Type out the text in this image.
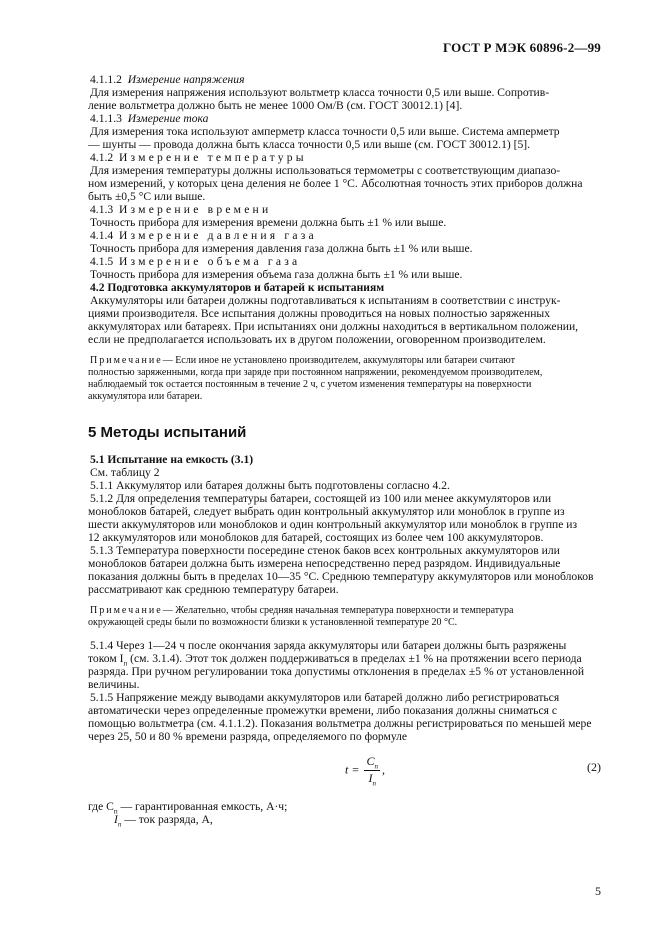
ГОСТ Р МЭК 60896-2—99
4.1.1.2 Измерение напряжения
Для измерения напряжения используют вольтметр класса точности 0,5 или выше. Сопротив-
ление вольтметра должно быть не менее 1000 Ом/В (см. ГОСТ 30012.1) [4].
4.1.1.3 Измерение тока
Для измерения тока используют амперметр класса точности 0,5 или выше. Система амперметр
— шунты — провода должна быть класса точности 0,5 или выше (см. ГОСТ 30012.1) [5].
4.1.2 Измерение температуры
Для измерения температуры должны использоваться термометры с соответствующим диапазо-
ном измерений, у которых цена деления не более 1 °С. Абсолютная точность этих приборов должна
быть ±0,5 °С или выше.
4.1.3 Измерение времени
Точность прибора для измерения времени должна быть ±1 % или выше.
4.1.4 Измерение давления газа
Точность прибора для измерения давления газа должна быть ±1 % или выше.
4.1.5 Измерение объема газа
Точность прибора для измерения объема газа должна быть ±1 % или выше.
4.2 Подготовка аккумуляторов и батарей к испытаниям
Аккумуляторы или батареи должны подготавливаться к испытаниям в соответствии с инструк-
циями производителя. Все испытания должны проводиться на новых полностью заряженных
аккумуляторах или батареях. При испытаниях они должны находиться в вертикальном положении,
если не предполагается использовать их в другом положении, оговоренном производителем.
Примечание— Если иное не установлено производителем, аккумуляторы или батареи считают
полностью заряженными, когда при заряде при постоянном напряжении, рекомендуемом производителем,
наблюдаемый ток остается постоянным в течение 2 ч, с учетом изменения температуры на поверхности
аккумулятора или батареи.
5 Методы испытаний
5.1 Испытание на емкость (3.1)
См. таблицу 2
5.1.1 Аккумулятор или батарея должны быть подготовлены согласно 4.2.
5.1.2 Для определения температуры батареи, состоящей из 100 или менее аккумуляторов или
моноблоков батарей, следует выбрать один контрольный аккумулятор или моноблок в группе из
шести аккумуляторов или моноблоков и один контрольный аккумулятор или моноблок в группе из
12 аккумуляторов или моноблоков для батарей, состоящих из более чем 100 аккумуляторов.
5.1.3 Температура поверхности посередине стенок баков всех контрольных аккумуляторов или
моноблоков батареи должна быть измерена непосредственно перед разрядом. Индивидуальные
показания должны быть в пределах 10—35 °С. Среднюю температуру аккумуляторов или моноблоков
рассматривают как среднюю температуру батареи.
Примечание— Желательно, чтобы средняя начальная температура поверхности и температура
окружающей среды были по возможности близки к установленной температуре 20 °С.
5.1.4 Через 1—24 ч после окончания заряда аккумуляторы или батареи должны быть разряжены
током $I_п$ (см. 3.1.4). Этот ток должен поддерживаться в пределах ±1 % на протяжении всего периода
разряда. При ручном регулировании тока допустимы отклонения в пределах ±5 % от установленной
величины.
5.1.5 Напряжение между выводами аккумуляторов или батарей должно либо регистрироваться
автоматически через определенные промежутки времени, либо показания должны сниматься с
помощью вольтметра (см. 4.1.1.2). Показания вольтметра должны регистрироваться по меньшей мере
через 25, 50 и 80 % времени разряда, определяемого по формуле
$t = \frac{C_п}{I_п}$ ,
где $C_п$ — гарантированная емкость, А·ч;
$I_п$ — ток разряда, А,
(2)
5
